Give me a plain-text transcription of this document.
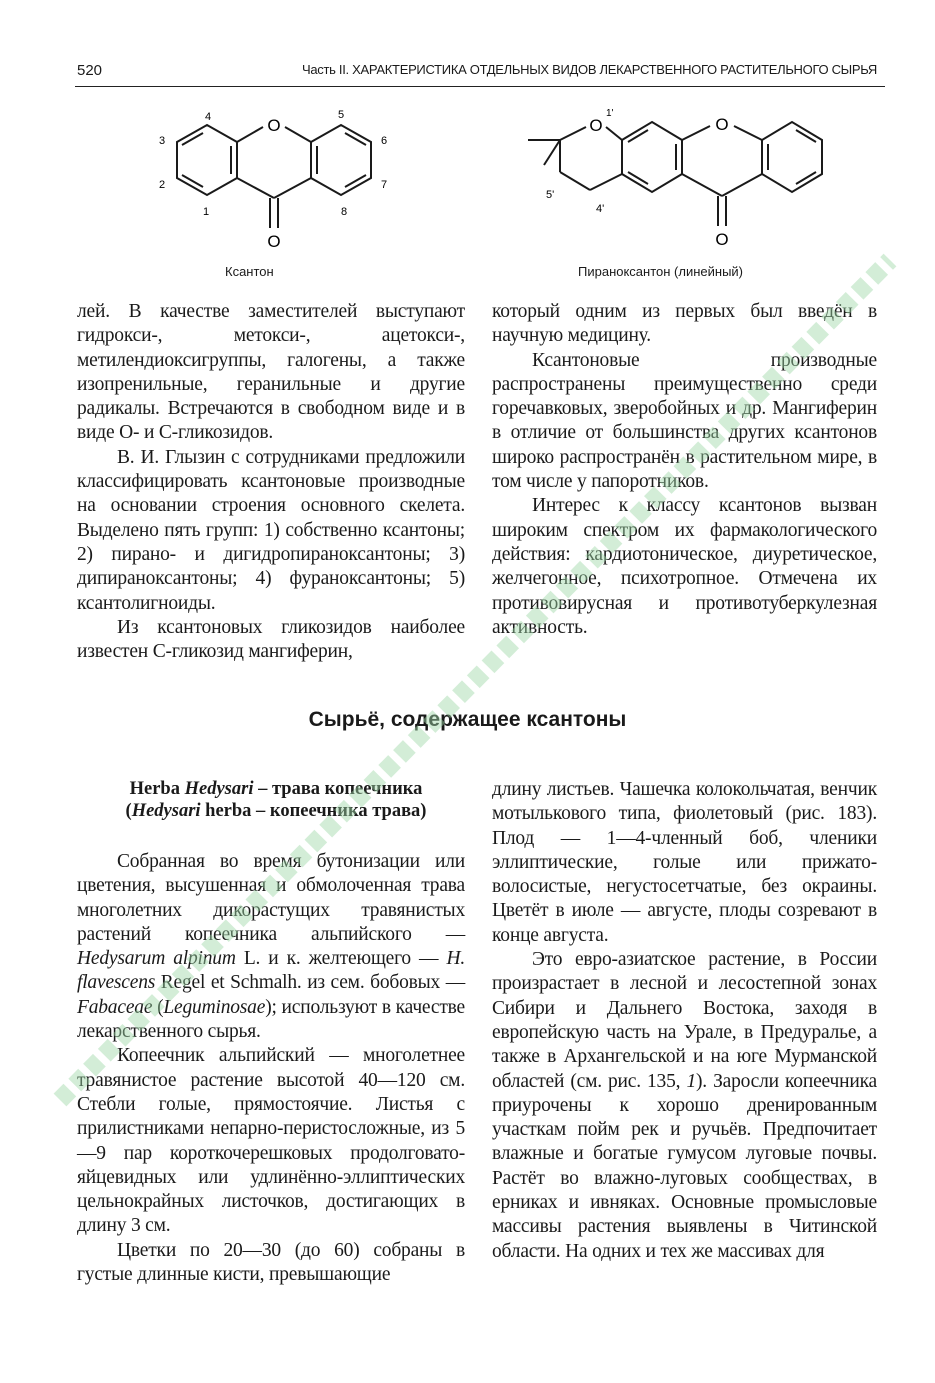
520	Часть II. ХАРАКТЕРИСТИКА ОТДЕЛЬНЫХ ВИДОВ ЛЕКАРСТВЕННОГО РАСТИТЕЛЬНОГО СЫРЬЯ
O
O
4
3
2
1
5
6
7
8
Ксантон
O
1'
O
O
5'
4'
Пираноксантон (линейный)

лей. В качестве заместителей выступают гидрокси-, метокси-, ацетокси-, метилендиоксигруппы, галогены, а также изопренильные, геранильные и другие радикалы. Встречаются в свободном виде и в виде О- и С-гликозидов.

В. И. Глызин с сотрудниками предложили классифицировать ксантоновые производные на основании строения основного скелета. Выделено пять групп: 1) собственно ксантоны; 2) пирано- и дигидропираноксантоны; 3) дипираноксантоны; 4) фураноксантоны; 5) ксантолигноиды.

Из ксантоновых гликозидов наиболее известен С-гликозид мангиферин,

который одним из первых был введён в научную медицину.

Ксантоновые производные распространены преимущественно среди горечавковых, зверобойных и др. Мангиферин в отличие от большинства других ксантонов широко распространён в растительном мире, в том числе у папоротников.

Интерес к классу ксантонов вызван широким спектром их фармакологического действия: кардиотоническое, диуретическое, желчегонное, психотропное. Отмечена их противовирусная и противотуберкулезная активность.

Сырьё, содержащее ксантоны
Herba Hedysari – трава копеечника
(Hedysari herba – копеечника трава)

Собранная во время бутонизации или цветения, высушенная и обмолоченная трава многолетних дикорастущих травянистых растений копеечника альпийского — Hedysarum alpinum L. и к. желтеющего — H. flavescens Regel et Schmalh. из сем. бобовых — Fabaceae (Leguminosae); используют в качестве лекарственного сырья.

Копеечник альпийский — многолетнее травянистое растение высотой 40—120 см. Стебли голые, прямостоячие. Листья с прилистниками непарно-перистосложные, из 5—9 пар короткочерешковых продолговато-яйцевидных или удлинённо-эллиптических цельнокрайных листочков, достигающих в длину 3 см.

Цветки по 20—30 (до 60) собраны в густые длинные кисти, превышающие

длину листьев. Чашечка колокольчатая, венчик мотылькового типа, фиолетовый (рис. 183). Плод — 1—4-членный боб, членики эллиптические, голые или прижато-волосистые, негустосетчатые, без окраины. Цветёт в июле — августе, плоды созревают в конце августа.

Это евро-азиатское растение, в России произрастает в лесной и лесостепной зонах Сибири и Дальнего Востока, заходя в европейскую часть на Урале, в Предуралье, а также в Архангельской и на юге Мурманской областей (см. рис. 135, 1). Заросли копеечника приурочены к хорошо дренированным участкам пойм рек и ручьёв. Предпочитает влажные и богатые гумусом луговые почвы. Растёт во влажно-луговых сообществах, в ерниках и ивняках. Основные промысловые массивы растения выявлены в Читинской области. На одних и тех же массивах для
